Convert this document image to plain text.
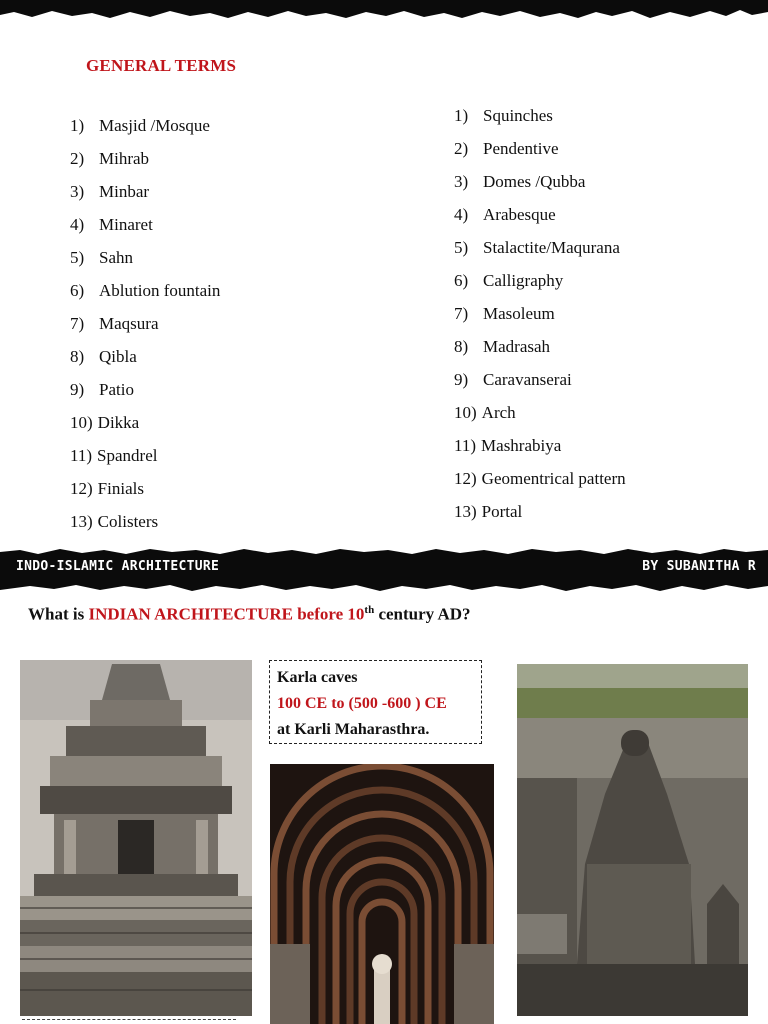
GENERAL TERMS
1) Masjid /Mosque
2) Mihrab
3) Minbar
4) Minaret
5) Sahn
6) Ablution fountain
7) Maqsura
8) Qibla
9) Patio
10) Dikka
11) Spandrel
12) Finials
13) Colisters
1) Squinches
2) Pendentive
3) Domes /Qubba
4) Arabesque
5) Stalactite/Maqurana
6) Calligraphy
7) Masoleum
8) Madrasah
9) Caravanserai
10) Arch
11) Mashrabiya
12) Geomentrical pattern
13) Portal
INDO-ISLAMIC ARCHITECTURE	BY SUBANITHA R
What is INDIAN ARCHITECTURE before 10th century AD?
Karla caves
100 CE to (500 -600 ) CE
at Karli Maharasthra.
